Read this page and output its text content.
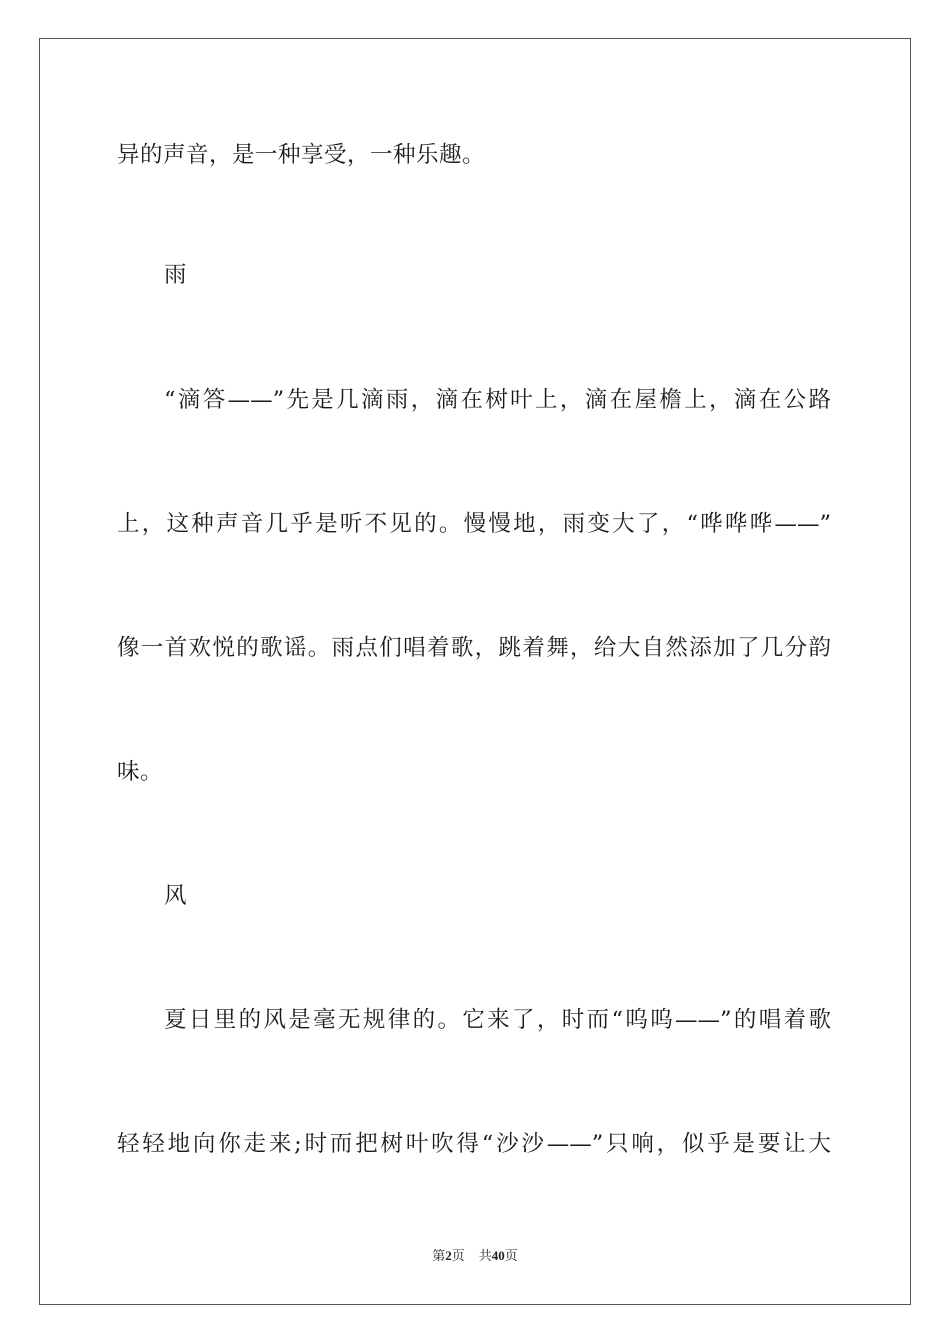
异的声音，是一种享受，一种乐趣。
雨
“滴答——”先是几滴雨，滴在树叶上，滴在屋檐上，滴在公路
上，这种声音几乎是听不见的。慢慢地，雨变大了，“哗哗哗——”
像一首欢悦的歌谣。雨点们唱着歌，跳着舞，给大自然添加了几分韵
味。
风
夏日里的风是毫无规律的。它来了，时而“呜呜——”的唱着歌
轻轻地向你走来;时而把树叶吹得“沙沙——”只响，似乎是要让大
第2页 共40页
